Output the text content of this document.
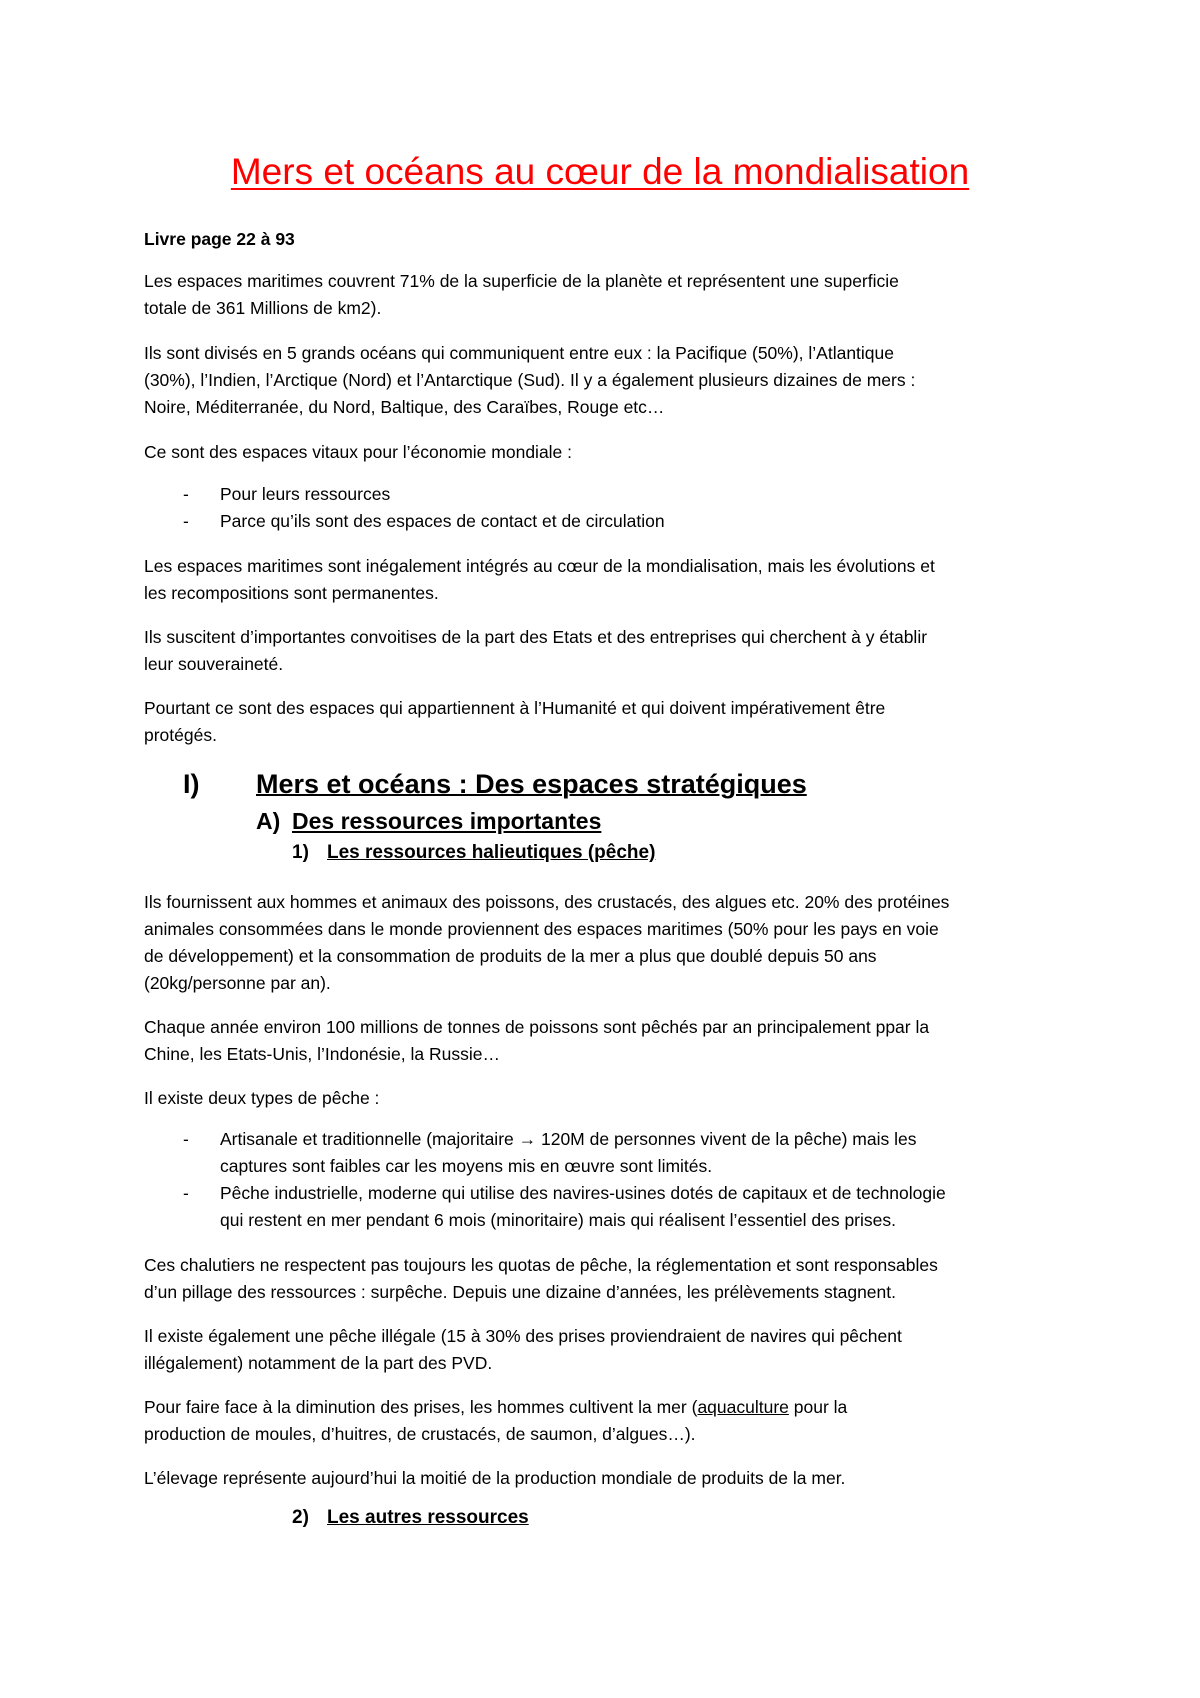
Mers et océans au cœur de la mondialisation
Livre page 22 à 93
Les espaces maritimes couvrent 71% de la superficie de la planète et représentent une superficie
totale de 361 Millions de km2).
Ils sont divisés en 5 grands océans qui communiquent entre eux : la Pacifique (50%), l’Atlantique
(30%), l’Indien, l’Arctique (Nord) et l’Antarctique (Sud). Il y a également plusieurs dizaines de mers :
Noire, Méditerranée, du Nord, Baltique, des Caraïbes, Rouge etc…
Ce sont des espaces vitaux pour l’économie mondiale :
- Pour leurs ressources
- Parce qu’ils sont des espaces de contact et de circulation
Les espaces maritimes sont inégalement intégrés au cœur de la mondialisation, mais les évolutions et
les recompositions sont permanentes.
Ils suscitent d’importantes convoitises de la part des Etats et des entreprises qui cherchent à y établir
leur souveraineté.
Pourtant ce sont des espaces qui appartiennent à l’Humanité et qui doivent impérativement être
protégés.
I) Mers et océans : Des espaces stratégiques
A) Des ressources importantes
1) Les ressources halieutiques (pêche)
Ils fournissent aux hommes et animaux des poissons, des crustacés, des algues etc. 20% des protéines
animales consommées dans le monde proviennent des espaces maritimes (50% pour les pays en voie
de développement) et la consommation de produits de la mer a plus que doublé depuis 50 ans
(20kg/personne par an).
Chaque année environ 100 millions de tonnes de poissons sont pêchés par an principalement ppar la
Chine, les Etats-Unis, l’Indonésie, la Russie…
Il existe deux types de pêche :
- Artisanale et traditionnelle (majoritaire → 120M de personnes vivent de la pêche) mais les
captures sont faibles car les moyens mis en œuvre sont limités.
- Pêche industrielle, moderne qui utilise des navires-usines dotés de capitaux et de technologie
qui restent en mer pendant 6 mois (minoritaire) mais qui réalisent l’essentiel des prises.
Ces chalutiers ne respectent pas toujours les quotas de pêche, la réglementation et sont responsables
d’un pillage des ressources : surpêche. Depuis une dizaine d’années, les prélèvements stagnent.
Il existe également une pêche illégale (15 à 30% des prises proviendraient de navires qui pêchent
illégalement) notamment de la part des PVD.
Pour faire face à la diminution des prises, les hommes cultivent la mer (aquaculture pour la
production de moules, d’huitres, de crustacés, de saumon, d’algues…).
L’élevage représente aujourd’hui la moitié de la production mondiale de produits de la mer.
2) Les autres ressources
